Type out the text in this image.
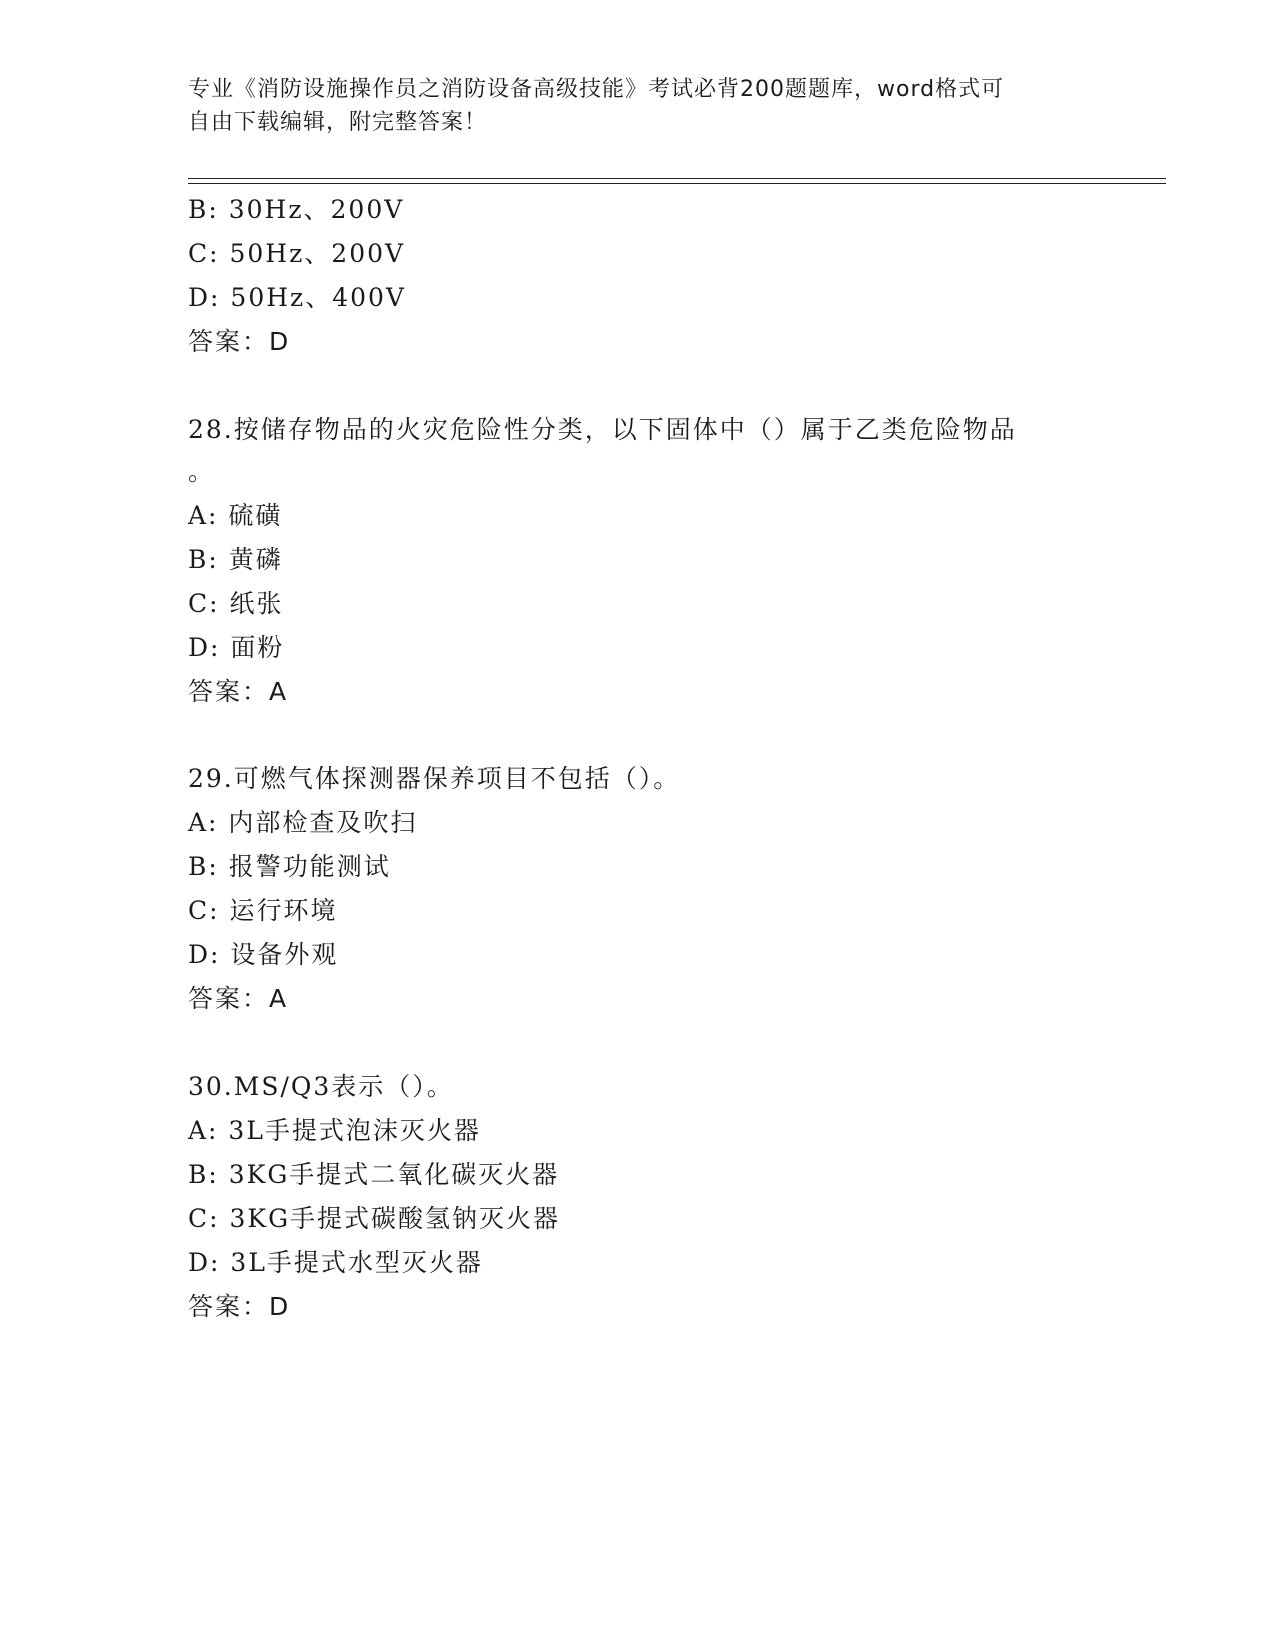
专业《消防设施操作员之消防设备高级技能》考试必背200题题库，word格式可
自由下载编辑，附完整答案！
B: 30Hz、200V
C: 50Hz、200V
D: 50Hz、400V
答案：D
28.按储存物品的火灾危险性分类，以下固体中（）属于乙类危险物品
。
A: 硫磺
B: 黄磷
C: 纸张
D: 面粉
答案：A
29.可燃气体探测器保养项目不包括（）。
A: 内部检查及吹扫
B: 报警功能测试
C: 运行环境
D: 设备外观
答案：A
30.MS/Q3表示（）。
A: 3L手提式泡沫灭火器
B: 3KG手提式二氧化碳灭火器
C: 3KG手提式碳酸氢钠灭火器
D: 3L手提式水型灭火器
答案：D
